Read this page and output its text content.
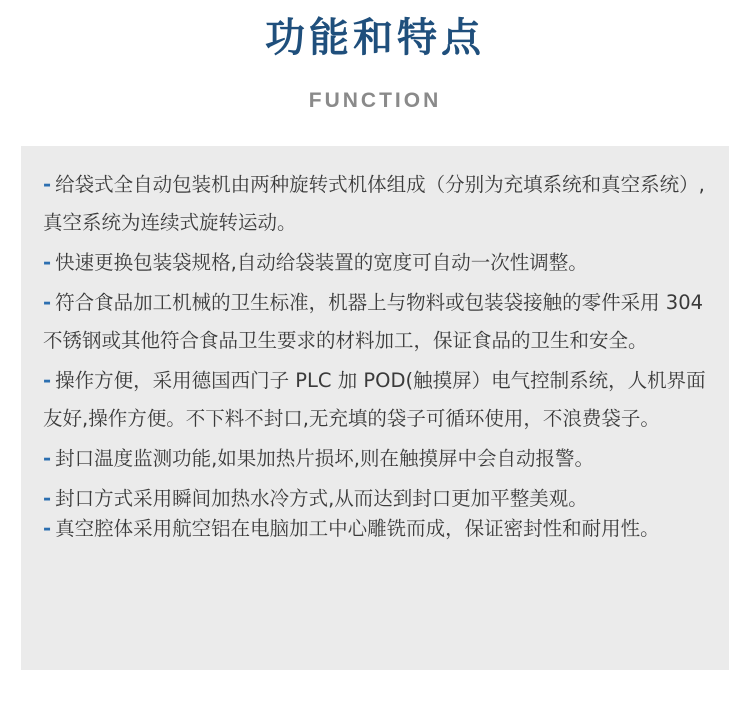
功能和特点
FUNCTION
- 给袋式全自动包装机由两种旋转式机体组成（分别为充填系统和真空系统）,真空系统为连续式旋转运动。
- 快速更换包装袋规格,自动给袋装置的宽度可自动一次性调整。
- 符合食品加工机械的卫生标准，机器上与物料或包装袋接触的零件采用 304 不锈钢或其他符合食品卫生要求的材料加工，保证食品的卫生和安全。
- 操作方便，采用德国西门子 PLC 加 POD(触摸屏）电气控制系统，人机界面友好,操作方便。不下料不封口,无充填的袋子可循环使用，不浪费袋子。
- 封口温度监测功能,如果加热片损坏,则在触摸屏中会自动报警。
- 封口方式采用瞬间加热水冷方式,从而达到封口更加平整美观。
- 真空腔体采用航空铝在电脑加工中心雕铣而成，保证密封性和耐用性。
